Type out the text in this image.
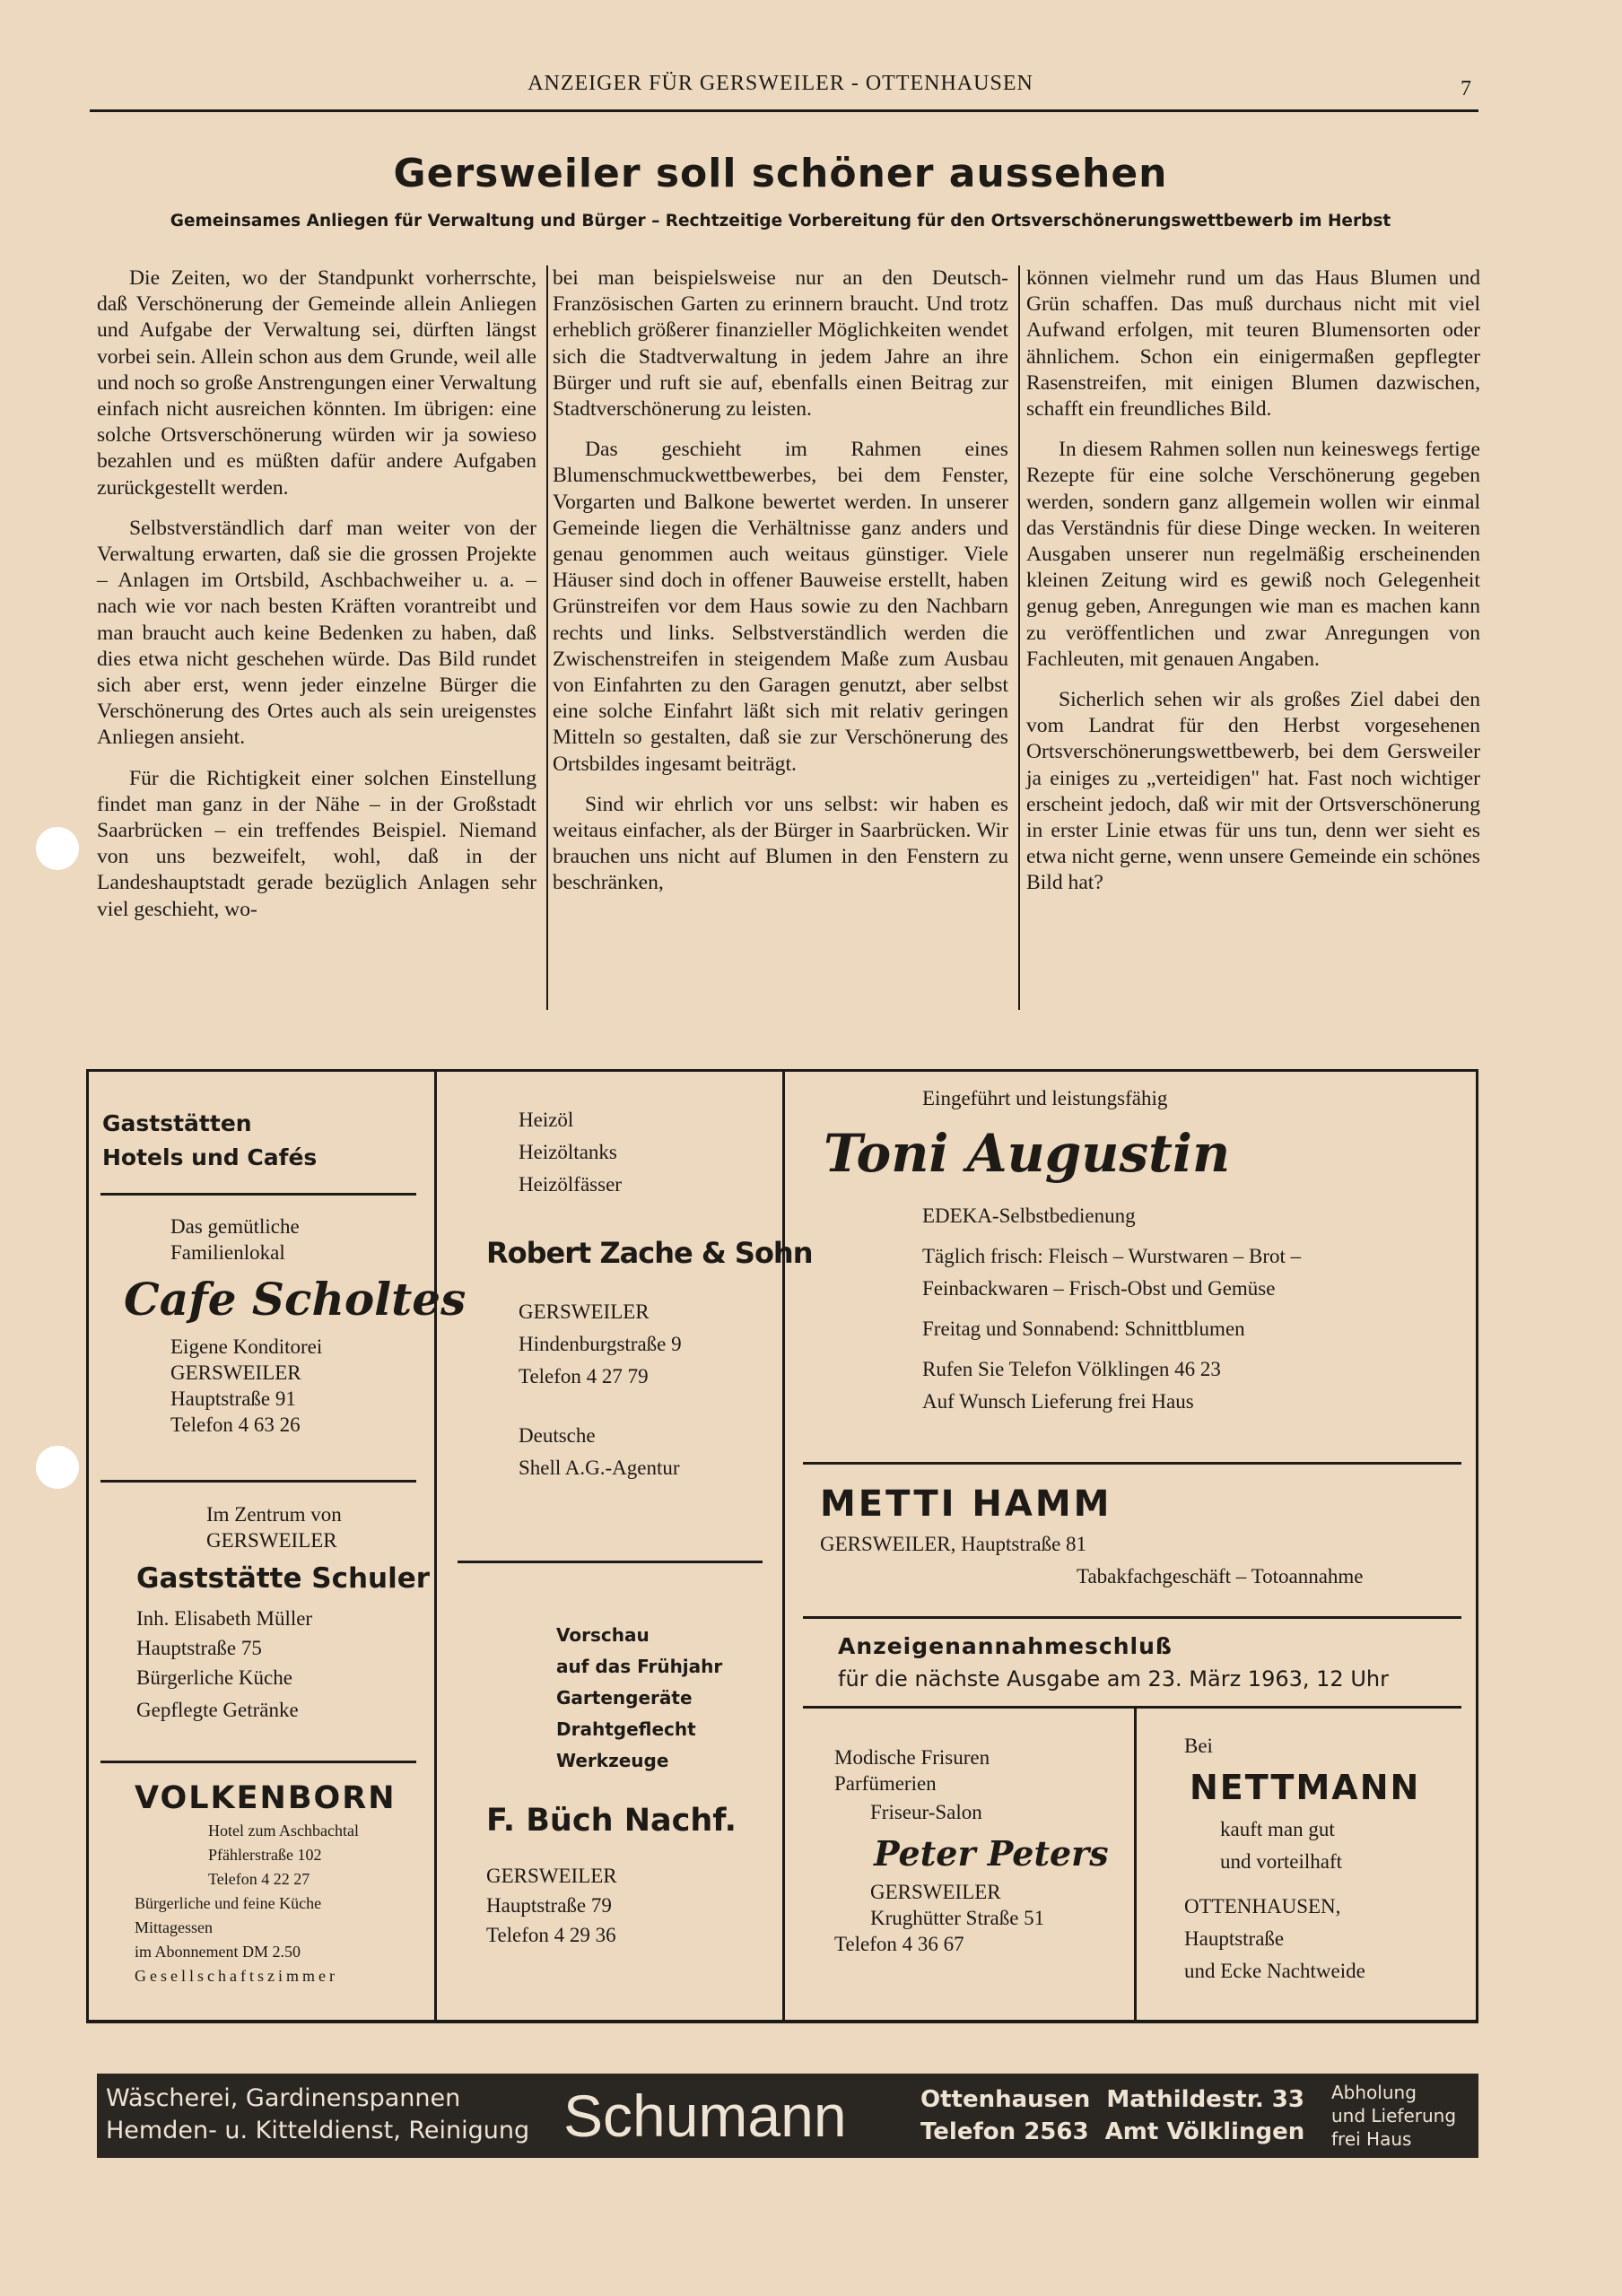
ANZEIGER FÜR GERSWEILER - OTTENHAUSEN	7
Gersweiler soll schöner aussehen
Gemeinsames Anliegen für Verwaltung und Bürger – Rechtzeitige Vorbereitung für den Ortsverschönerungswettbewerb im Herbst

Die Zeiten, wo der Standpunkt vorherrschte, daß Verschönerung der Gemeinde allein Anliegen und Aufgabe der Verwaltung sei, dürften längst vorbei sein. Allein schon aus dem Grunde, weil alle und noch so große Anstrengungen einer Verwaltung einfach nicht ausreichen könnten. Im übrigen: eine solche Ortsverschönerung würden wir ja sowieso bezahlen und es müßten dafür andere Aufgaben zurückgestellt werden.

Selbstverständlich darf man weiter von der Verwaltung erwarten, daß sie die grossen Projekte – Anlagen im Ortsbild, Aschbachweiher u. a. – nach wie vor nach besten Kräften vorantreibt und man braucht auch keine Bedenken zu haben, daß dies etwa nicht geschehen würde. Das Bild rundet sich aber erst, wenn jeder einzelne Bürger die Verschönerung des Ortes auch als sein ureigenstes Anliegen ansieht.

Für die Richtigkeit einer solchen Einstellung findet man ganz in der Nähe – in der Großstadt Saarbrücken – ein treffendes Beispiel. Niemand von uns bezweifelt, wohl, daß in der Landeshauptstadt gerade bezüglich Anlagen sehr viel geschieht, wo-

bei man beispielsweise nur an den Deutsch-Französischen Garten zu erinnern braucht. Und trotz erheblich größerer finanzieller Möglichkeiten wendet sich die Stadtverwaltung in jedem Jahre an ihre Bürger und ruft sie auf, ebenfalls einen Beitrag zur Stadtverschönerung zu leisten.

Das geschieht im Rahmen eines Blumenschmuckwettbewerbes, bei dem Fenster, Vorgarten und Balkone bewertet werden. In unserer Gemeinde liegen die Verhältnisse ganz anders und genau genommen auch weitaus günstiger. Viele Häuser sind doch in offener Bauweise erstellt, haben Grünstreifen vor dem Haus sowie zu den Nachbarn rechts und links. Selbstverständlich werden die Zwischenstreifen in steigendem Maße zum Ausbau von Einfahrten zu den Garagen genutzt, aber selbst eine solche Einfahrt läßt sich mit relativ geringen Mitteln so gestalten, daß sie zur Verschönerung des Ortsbildes ingesamt beiträgt.

Sind wir ehrlich vor uns selbst: wir haben es weitaus einfacher, als der Bürger in Saarbrücken. Wir brauchen uns nicht auf Blumen in den Fenstern zu beschränken,

können vielmehr rund um das Haus Blumen und Grün schaffen. Das muß durchaus nicht mit viel Aufwand erfolgen, mit teuren Blumensorten oder ähnlichem. Schon ein einigermaßen gepflegter Rasenstreifen, mit einigen Blumen dazwischen, schafft ein freundliches Bild.

In diesem Rahmen sollen nun keineswegs fertige Rezepte für eine solche Verschönerung gegeben werden, sondern ganz allgemein wollen wir einmal das Verständnis für diese Dinge wecken. In weiteren Ausgaben unserer nun regelmäßig erscheinenden kleinen Zeitung wird es gewiß noch Gelegenheit genug geben, Anregungen wie man es machen kann zu veröffentlichen und zwar Anregungen von Fachleuten, mit genauen Angaben.

Sicherlich sehen wir als großes Ziel dabei den vom Landrat für den Herbst vorgesehenen Ortsverschönerungswettbewerb, bei dem Gersweiler ja einiges zu „verteidigen" hat. Fast noch wichtiger erscheint jedoch, daß wir mit der Ortsverschönerung in erster Linie etwas für uns tun, denn wer sieht es etwa nicht gerne, wenn unsere Gemeinde ein schönes Bild hat?

Gaststätten
Hotels und Cafés
Das gemütliche
Familienlokal
Cafe Scholtes
Eigene Konditorei
GERSWEILER
Hauptstraße 91
Telefon 4 63 26
Im Zentrum von
GERSWEILER
Gaststätte Schuler
Inh. Elisabeth Müller
Hauptstraße 75
Bürgerliche Küche
Gepflegte Getränke
VOLKENBORN
Hotel zum Aschbachtal
Pfählerstraße 102
Telefon 4 22 27
Bürgerliche und feine Küche
Mittagessen
im Abonnement DM 2.50
Gesellschaftszimmer
Heizöl
Heizöltanks
Heizölfässer
Robert Zache & Sohn
GERSWEILER
Hindenburgstraße 9
Telefon 4 27 79
Deutsche
Shell A.G.-Agentur
Vorschau
auf das Frühjahr
Gartengeräte
Drahtgeflecht
Werkzeuge
F. Büch Nachf.
GERSWEILER
Hauptstraße 79
Telefon 4 29 36
Eingeführt und leistungsfähig
Toni Augustin
EDEKA-Selbstbedienung
Täglich frisch: Fleisch – Wurstwaren – Brot –
Feinbackwaren – Frisch-Obst und Gemüse
Freitag und Sonnabend: Schnittblumen
Rufen Sie Telefon Völklingen 46 23
Auf Wunsch Lieferung frei Haus
METTI HAMM
GERSWEILER, Hauptstraße 81
Tabakfachgeschäft – Totoannahme
Anzeigenannahmeschluß
für die nächste Ausgabe am 23. März 1963, 12 Uhr
Modische Frisuren
Parfümerien
Friseur-Salon
Peter Peters
GERSWEILER
Krughütter Straße 51
Telefon 4 36 67
Bei
NETTMANN
kauft man gut
und vorteilhaft
OTTENHAUSEN,
Hauptstraße
und Ecke Nachtweide
Wäscherei, Gardinenspannen
Hemden- u. Kitteldienst, Reinigung Schumann	Ottenhausen  Mathildestr. 33
Telefon 2563  Amt Völklingen
Abholung
und Lieferung
frei Haus
